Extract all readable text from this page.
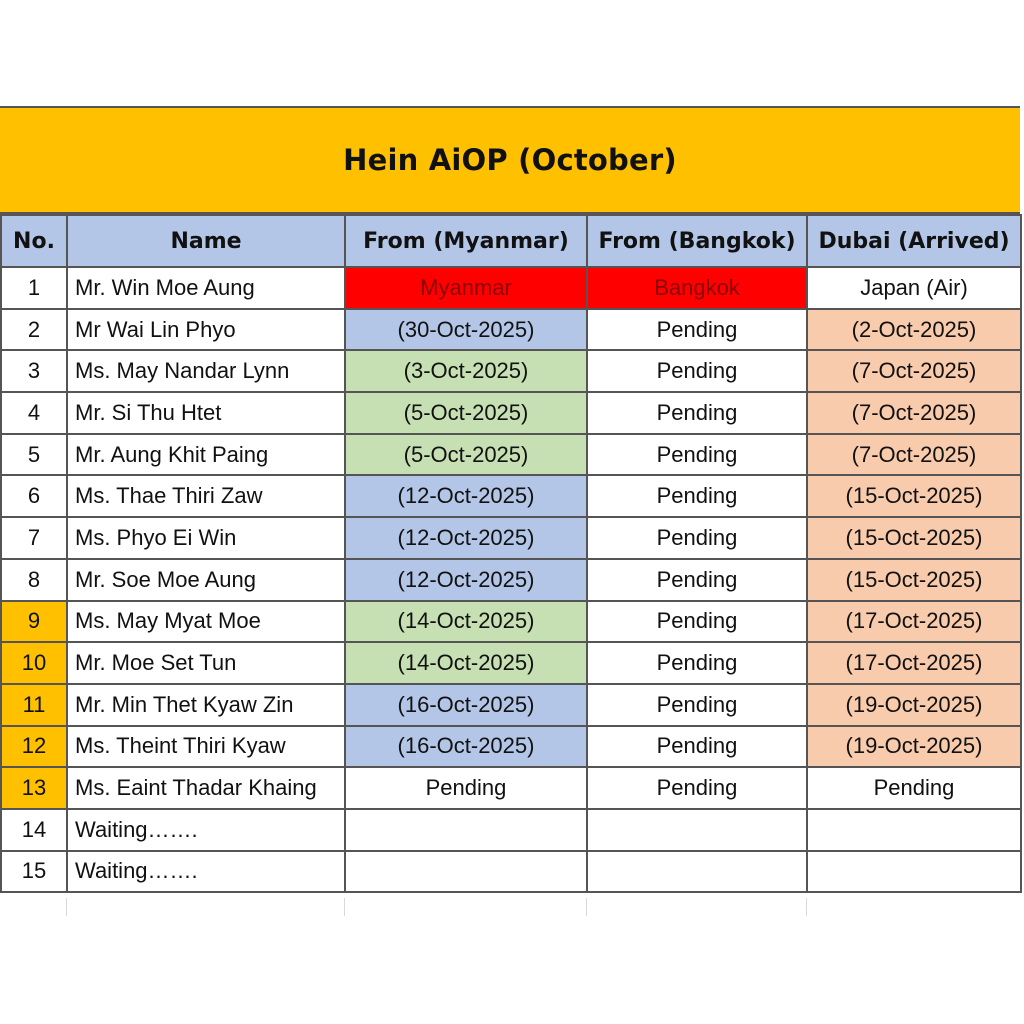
Hein AiOP (October)
No.	Name	From (Myanmar)	From (Bangkok)	Dubai (Arrived)
1	Mr. Win Moe Aung	Myanmar	Bangkok	Japan (Air)
2	Mr Wai Lin Phyo	(30-Oct-2025)	Pending	(2-Oct-2025)
3	Ms. May Nandar Lynn	(3-Oct-2025)	Pending	(7-Oct-2025)
4	Mr. Si Thu Htet	(5-Oct-2025)	Pending	(7-Oct-2025)
5	Mr. Aung Khit Paing	(5-Oct-2025)	Pending	(7-Oct-2025)
6	Ms. Thae Thiri Zaw	(12-Oct-2025)	Pending	(15-Oct-2025)
7	Ms. Phyo Ei Win	(12-Oct-2025)	Pending	(15-Oct-2025)
8	Mr. Soe Moe Aung	(12-Oct-2025)	Pending	(15-Oct-2025)
9	Ms. May Myat Moe	(14-Oct-2025)	Pending	(17-Oct-2025)
10	Mr. Moe Set Tun	(14-Oct-2025)	Pending	(17-Oct-2025)
11	Mr. Min Thet Kyaw Zin	(16-Oct-2025)	Pending	(19-Oct-2025)
12	Ms. Theint Thiri Kyaw	(16-Oct-2025)	Pending	(19-Oct-2025)
13	Ms. Eaint Thadar Khaing	Pending	Pending	Pending
14	Waiting…….			
15	Waiting…….			
